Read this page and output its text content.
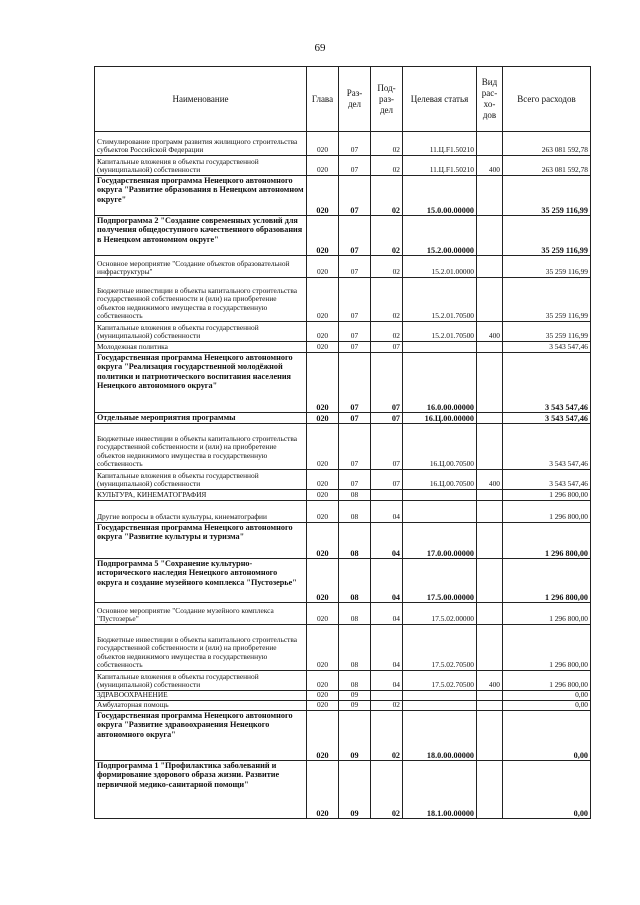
69
Наименование	Глава	Раз-дел	Под-раз-дел	Целевая статья	Вид рас-хо-дов	Всего расходов
Стимулирование программ развития жилищного строительства субъектов Российской Федерации	020	07	02	11.Ц.F1.50210		263 081 592,78
Капитальные вложения в объекты государственной (муниципальной) собственности	020	07	02	11.Ц.F1.50210	400	263 081 592,78
Государственная программа Ненецкого автономного округа "Развитие образования в Ненецком автономном округе"	020	07	02	15.0.00.00000		35 259 116,99
Подпрограмма 2 "Создание современных условий для получения общедоступного качественного образования в Ненецком автономном округе"	020	07	02	15.2.00.00000		35 259 116,99
Основное мероприятие "Создание объектов образовательной инфраструктуры"	020	07	02	15.2.01.00000		35 259 116,99
Бюджетные инвестиции в объекты капитального строительства государственной собственности и (или) на приобретение объектов недвижимого имущества в государственную собственность	020	07	02	15.2.01.70500		35 259 116,99
Капитальные вложения в объекты государственной (муниципальной) собственности	020	07	02	15.2.01.70500	400	35 259 116,99
Молодежная политика	020	07	07			3 543 547,46
Государственная программа Ненецкого автономного округа "Реализация государственной молодёжной политики и патриотического воспитания населения Ненецкого автономного округа"	020	07	07	16.0.00.00000		3 543 547,46
Отдельные мероприятия программы	020	07	07	16.Ц.00.00000		3 543 547,46
Бюджетные инвестиции в объекты капитального строительства государственной собственности и (или) на приобретение объектов недвижимого имущества в государственную собственность	020	07	07	16.Ц.00.70500		3 543 547,46
Капитальные вложения в объекты государственной (муниципальной) собственности	020	07	07	16.Ц.00.70500	400	3 543 547,46
КУЛЬТУРА, КИНЕМАТОГРАФИЯ	020	08				1 296 800,00
Другие вопросы в области культуры, кинематографии	020	08	04			1 296 800,00
Государственная программа Ненецкого автономного округа "Развитие культуры и туризма"	020	08	04	17.0.00.00000		1 296 800,00
Подпрограмма 5 "Сохранение культурно-исторического наследия Ненецкого автономного округа и создание музейного комплекса "Пустозерье"	020	08	04	17.5.00.00000		1 296 800,00
Основное мероприятие "Создание музейного комплекса "Пустозерье"	020	08	04	17.5.02.00000		1 296 800,00
Бюджетные инвестиции в объекты капитального строительства государственной собственности и (или) на приобретение объектов недвижимого имущества в государственную собственность	020	08	04	17.5.02.70500		1 296 800,00
Капитальные вложения в объекты государственной (муниципальной) собственности	020	08	04	17.5.02.70500	400	1 296 800,00
ЗДРАВООХРАНЕНИЕ	020	09				0,00
Амбулаторная помощь	020	09	02			0,00
Государственная программа Ненецкого автономного округа "Развитие здравоохранения Ненецкого автономного округа"	020	09	02	18.0.00.00000		0,00
Подпрограмма 1 "Профилактика заболеваний и формирование здорового образа жизни. Развитие первичной медико-санитарной помощи"	020	09	02	18.1.00.00000		0,00
